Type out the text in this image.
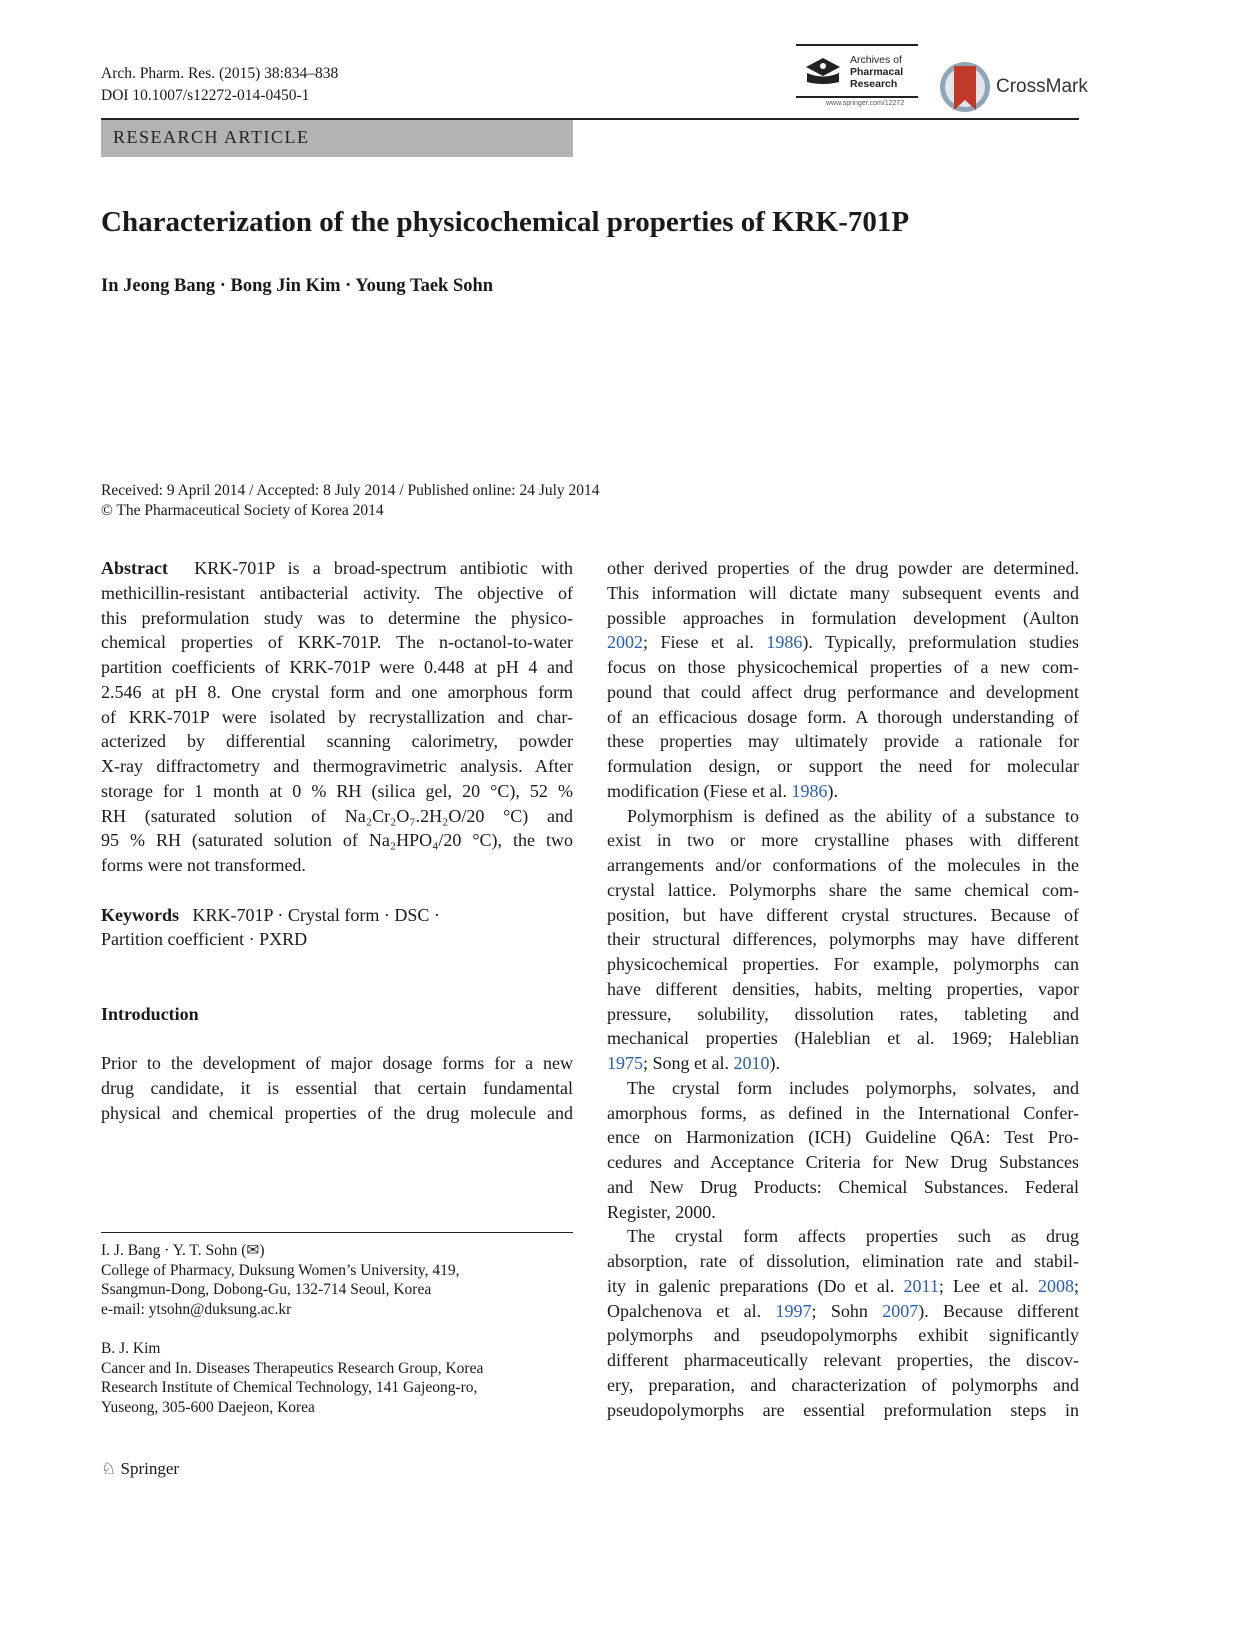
Arch. Pharm. Res. (2015) 38:834–838
DOI 10.1007/s12272-014-0450-1
Archives of
Pharmacal
Research
www.springer.com/12272
CrossMark
RESEARCH ARTICLE
Characterization of the physicochemical properties of KRK-701P
In Jeong Bang · Bong Jin Kim · Young Taek Sohn
Received: 9 April 2014 / Accepted: 8 July 2014 / Published online: 24 July 2014
© The Pharmaceutical Society of Korea 2014
Abstract  KRK-701P is a broad-spectrum antibiotic with
methicillin-resistant antibacterial activity. The objective of
this preformulation study was to determine the physico-
chemical properties of KRK-701P. The n-octanol-to-water
partition coefficients of KRK-701P were 0.448 at pH 4 and
2.546 at pH 8. One crystal form and one amorphous form
of KRK-701P were isolated by recrystallization and char-
acterized by differential scanning calorimetry, powder
X-ray diffractometry and thermogravimetric analysis. After
storage for 1 month at 0 % RH (silica gel, 20 °C), 52 %
RH (saturated solution of Na₂Cr₂O₇.2H₂O/20 °C) and
95 % RH (saturated solution of Na₂HPO₄/20 °C), the two
forms were not transformed.
Keywords   KRK-701P · Crystal form · DSC ·
Partition coefficient · PXRD
Introduction
Prior to the development of major dosage forms for a new
drug candidate, it is essential that certain fundamental
physical and chemical properties of the drug molecule and
other derived properties of the drug powder are determined.
This information will dictate many subsequent events and
possible approaches in formulation development (Aulton
2002; Fiese et al. 1986). Typically, preformulation studies
focus on those physicochemical properties of a new com-
pound that could affect drug performance and development
of an efficacious dosage form. A thorough understanding of
these properties may ultimately provide a rationale for
formulation design, or support the need for molecular
modification (Fiese et al. 1986).
Polymorphism is defined as the ability of a substance to
exist in two or more crystalline phases with different
arrangements and/or conformations of the molecules in the
crystal lattice. Polymorphs share the same chemical com-
position, but have different crystal structures. Because of
their structural differences, polymorphs may have different
physicochemical properties. For example, polymorphs can
have different densities, habits, melting properties, vapor
pressure, solubility, dissolution rates, tableting and
mechanical properties (Haleblian et al. 1969; Haleblian
1975; Song et al. 2010).
The crystal form includes polymorphs, solvates, and
amorphous forms, as defined in the International Confer-
ence on Harmonization (ICH) Guideline Q6A: Test Pro-
cedures and Acceptance Criteria for New Drug Substances
and New Drug Products: Chemical Substances. Federal
Register, 2000.
The crystal form affects properties such as drug
absorption, rate of dissolution, elimination rate and stabil-
ity in galenic preparations (Do et al. 2011; Lee et al. 2008;
Opalchenova et al. 1997; Sohn 2007). Because different
polymorphs and pseudopolymorphs exhibit significantly
different pharmaceutically relevant properties, the discov-
ery, preparation, and characterization of polymorphs and
pseudopolymorphs are essential preformulation steps in
I. J. Bang · Y. T. Sohn (✉)
College of Pharmacy, Duksung Women’s University, 419,
Ssangmun-Dong, Dobong-Gu, 132-714 Seoul, Korea
e-mail: ytsohn@duksung.ac.kr
B. J. Kim
Cancer and In. Diseases Therapeutics Research Group, Korea
Research Institute of Chemical Technology, 141 Gajeong-ro,
Yuseong, 305-600 Daejeon, Korea
♘ Springer
